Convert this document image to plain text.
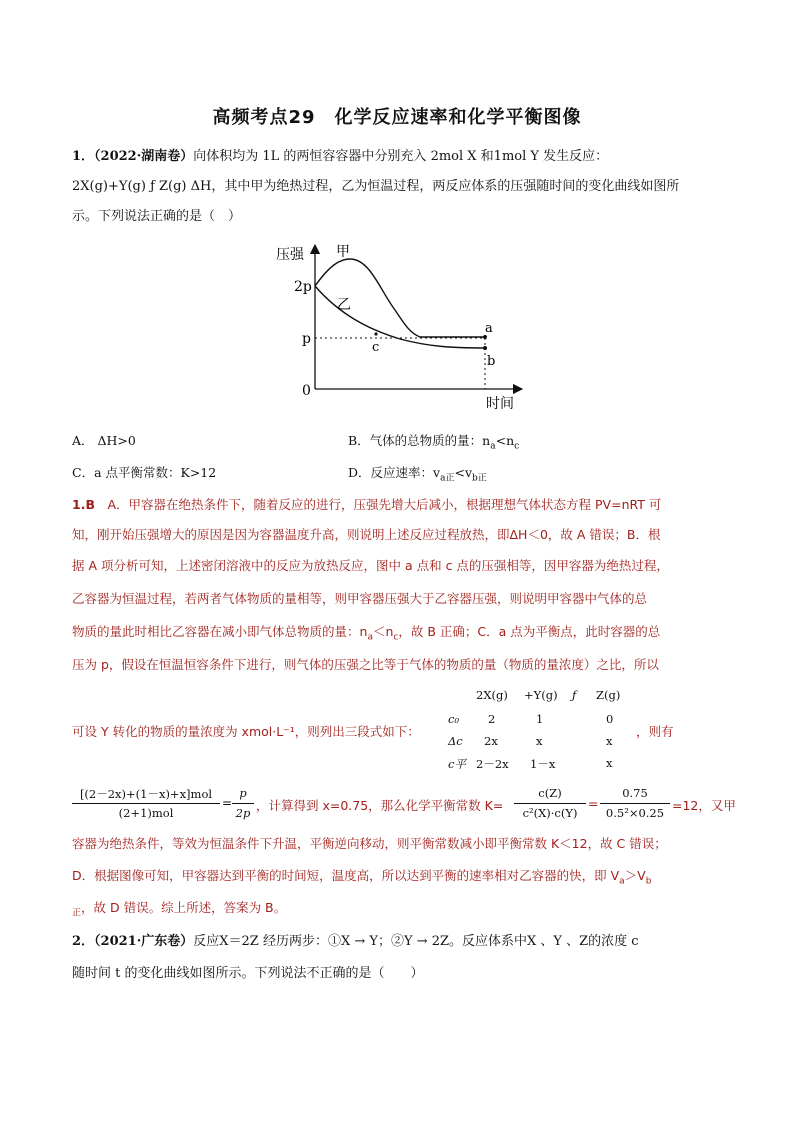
高频考点29　化学反应速率和化学平衡图像
1．（2022·湖南卷）向体积均为 1L 的两恒容容器中分别充入 2mol X 和1mol Y 发生反应：
2X(g)+Y(g) ƒ Z(g) ΔH，其中甲为绝热过程，乙为恒温过程，两反应体系的压强随时间的变化曲线如图所
示。下列说法正确的是（　）
压强 甲
2p
p
0
乙
a
b
c
时间
A． ΔH>0	B．气体的总物质的量：$n_a<n_c$
C．a 点平衡常数：K>12	D．反应速率：$v_{a正}<v_{b正}$
1.B  A．甲容器在绝热条件下，随着反应的进行，压强先增大后减小，根据理想气体状态方程 PV=nRT 可
知，刚开始压强增大的原因是因为容器温度升高，则说明上述反应过程放热，即ΔH＜0，故 A 错误；B．根
据 A 项分析可知，上述密闭溶液中的反应为放热反应，图中 a 点和 c 点的压强相等，因甲容器为绝热过程，
乙容器为恒温过程，若两者气体物质的量相等，则甲容器压强大于乙容器压强，则说明甲容器中气体的总
物质的量此时相比乙容器在减小即气体总物质的量：$n_a<n_c$，故 B 正确；C．a 点为平衡点，此时容器的总
压为 p，假设在恒温恒容条件下进行，则气体的压强之比等于气体的物质的量（物质的量浓度）之比，所以
可设 Y 转化的物质的量浓度为 xmol·L⁻¹，则列出三段式如下：
2X(g) +Y(g) ƒ Z(g)
c₀	2	1	0
Δc 2x	x	x
c平 2－2x 1－x	x
，则有
[(2－2x)+(1－x)+x]mol
(2+1)mol
=
p
2p ，计算得到 x=0.75，那么化学平衡常数 K=
c(Z)
c²(X)·c(Y)
=
0.75
0.5²×0.25 =12，又甲
容器为绝热条件，等效为恒温条件下升温，平衡逆向移动，则平衡常数减小即平衡常数 K＜12，故 C 错误；
D．根据图像可知，甲容器达到平衡的时间短，温度高，所以达到平衡的速率相对乙容器的快，即 $V_a>V_b$
$_正$，故 D 错误。综上所述，答案为 B。
2．（2021·广东卷）反应X＝2Z 经历两步：①X → Y；②Y → 2Z。反应体系中X 、Y 、Z的浓度 c
随时间 t 的变化曲线如图所示。下列说法不正确的是（　　）
